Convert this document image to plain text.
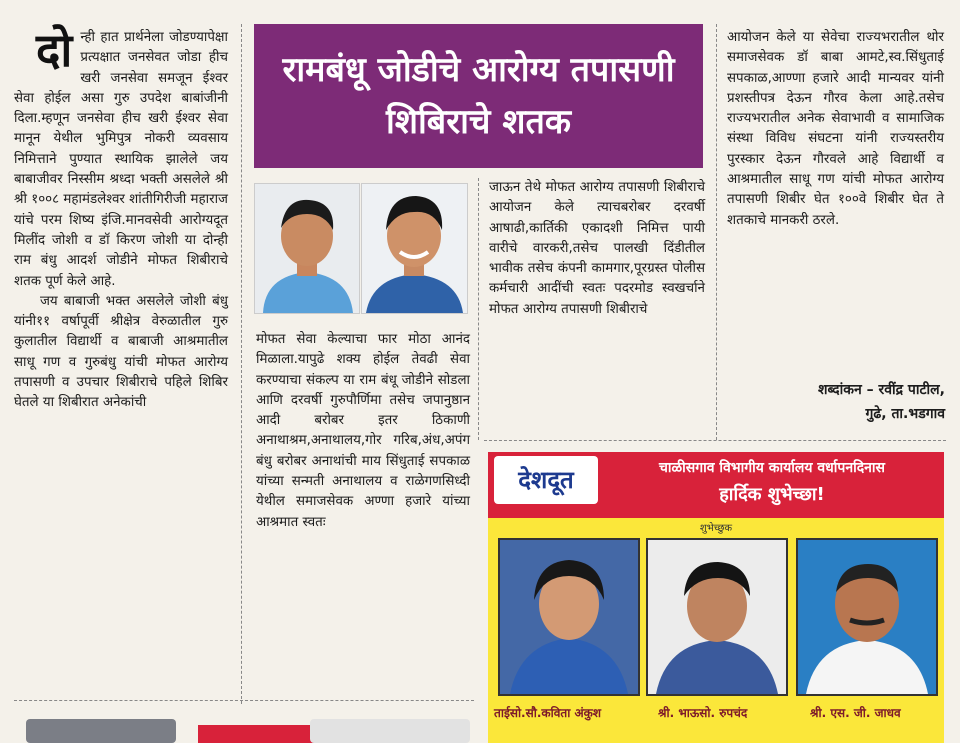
दो न्ही हात प्रार्थनेला जोडण्यापेक्षा प्रत्यक्षात जनसेवत जोडा हीच खरी जनसेवा समजून ईश्वर सेवा होईल असा गुरु उपदेश बाबांजीनी दिला.म्हणून जनसेवा हीच खरी ईश्वर सेवा मानून येथील भुमिपुत्र नोकरी व्यवसाय निमित्ताने पुण्यात स्थायिक झालेले जय बाबाजीवर निस्सीम श्रध्दा भक्ती असलेले श्री श्री १००८ महामंडलेश्वर शांतीगिरीजी महाराज यांचे परम शिष्य इंजि.मानवसेवी आरोग्यदूत मिलींद जोशी व डॉ किरण जोशी या दोन्ही राम बंधु आदर्श जोडीने मोफत शिबीराचे शतक पूर्ण केले आहे.

जय बाबाजी भक्त असलेले जोशी बंधु यांनी११ वर्षापूर्वी श्रीक्षेत्र वेरुळातील गुरु कुलातील विद्यार्थी व बाबाजी आश्रमातील साधू गण व गुरुबंधु यांची मोफत आरोग्य तपासणी व उपचार शिबीराचे पहिले शिबिर घेतले या शिबीरात अनेकांची

रामबंधू जोडीचे आरोग्य तपासणी शिबिराचे शतक

मोफत सेवा केल्याचा फार मोठा आनंद मिळाला.यापुढे शक्य होईल तेवढी सेवा करण्याचा संकल्प या राम बंधू जोडीने सोडला आणि दरवर्षी गुरुपौर्णिमा तसेच जपानुष्ठान आदी बरोबर इतर ठिकाणी अनाथाश्रम,अनाथालय,गोर गरिब,अंध,अपंग बंधु बरोबर अनाथांची माय सिंधुताई सपकाळ यांच्या सन्मती अनाथालय व राळेगणसिध्दी येथील समाजसेवक अण्णा हजारे यांच्या आश्रमात स्वतः

जाऊन तेथे मोफत आरोग्य तपासणी शिबीराचे आयोजन केले त्याचबरोबर दरवर्षी आषाढी,कार्तिकी एकादशी निमित्त पायी वारीचे वारकरी,तसेच पालखी दिंडीतील भावीक तसेच कंपनी कामगार,पूरग्रस्त पोलीस कर्मचारी आदींची स्वतः पदरमोड स्वखर्चाने मोफत आरोग्य तपासणी शिबीराचे

आयोजन केले या सेवेचा राज्यभरातील थोर समाजसेवक डॉ बाबा आमटे,स्व.सिंधुताई सपकाळ,आण्णा हजारे आदी मान्यवर यांनी प्रशस्तीपत्र देऊन गौरव केला आहे.तसेच राज्यभरातील अनेक सेवाभावी व सामाजिक संस्था विविध संघटना यांनी राज्यस्तरीय पुरस्कार देऊन गौरवले आहे विद्यार्थी व आश्रमातील साधू गण यांची मोफत आरोग्य तपासणी शिबीर घेत १००वे शिबीर घेत ते शतकाचे मानकरी ठरले.

शब्दांकन – रवींद्र पाटील,
गुढे, ता.भडगाव
देशदूत	चाळीसगाव विभागीय कार्यालय वर्धापनदिनास
हार्दिक शुभेच्छा!
शुभेच्छुक
ताईसो.सौ.कविता अंकुश	श्री. भाऊसो. रुपचंद	श्री. एस. जी. जाधव
